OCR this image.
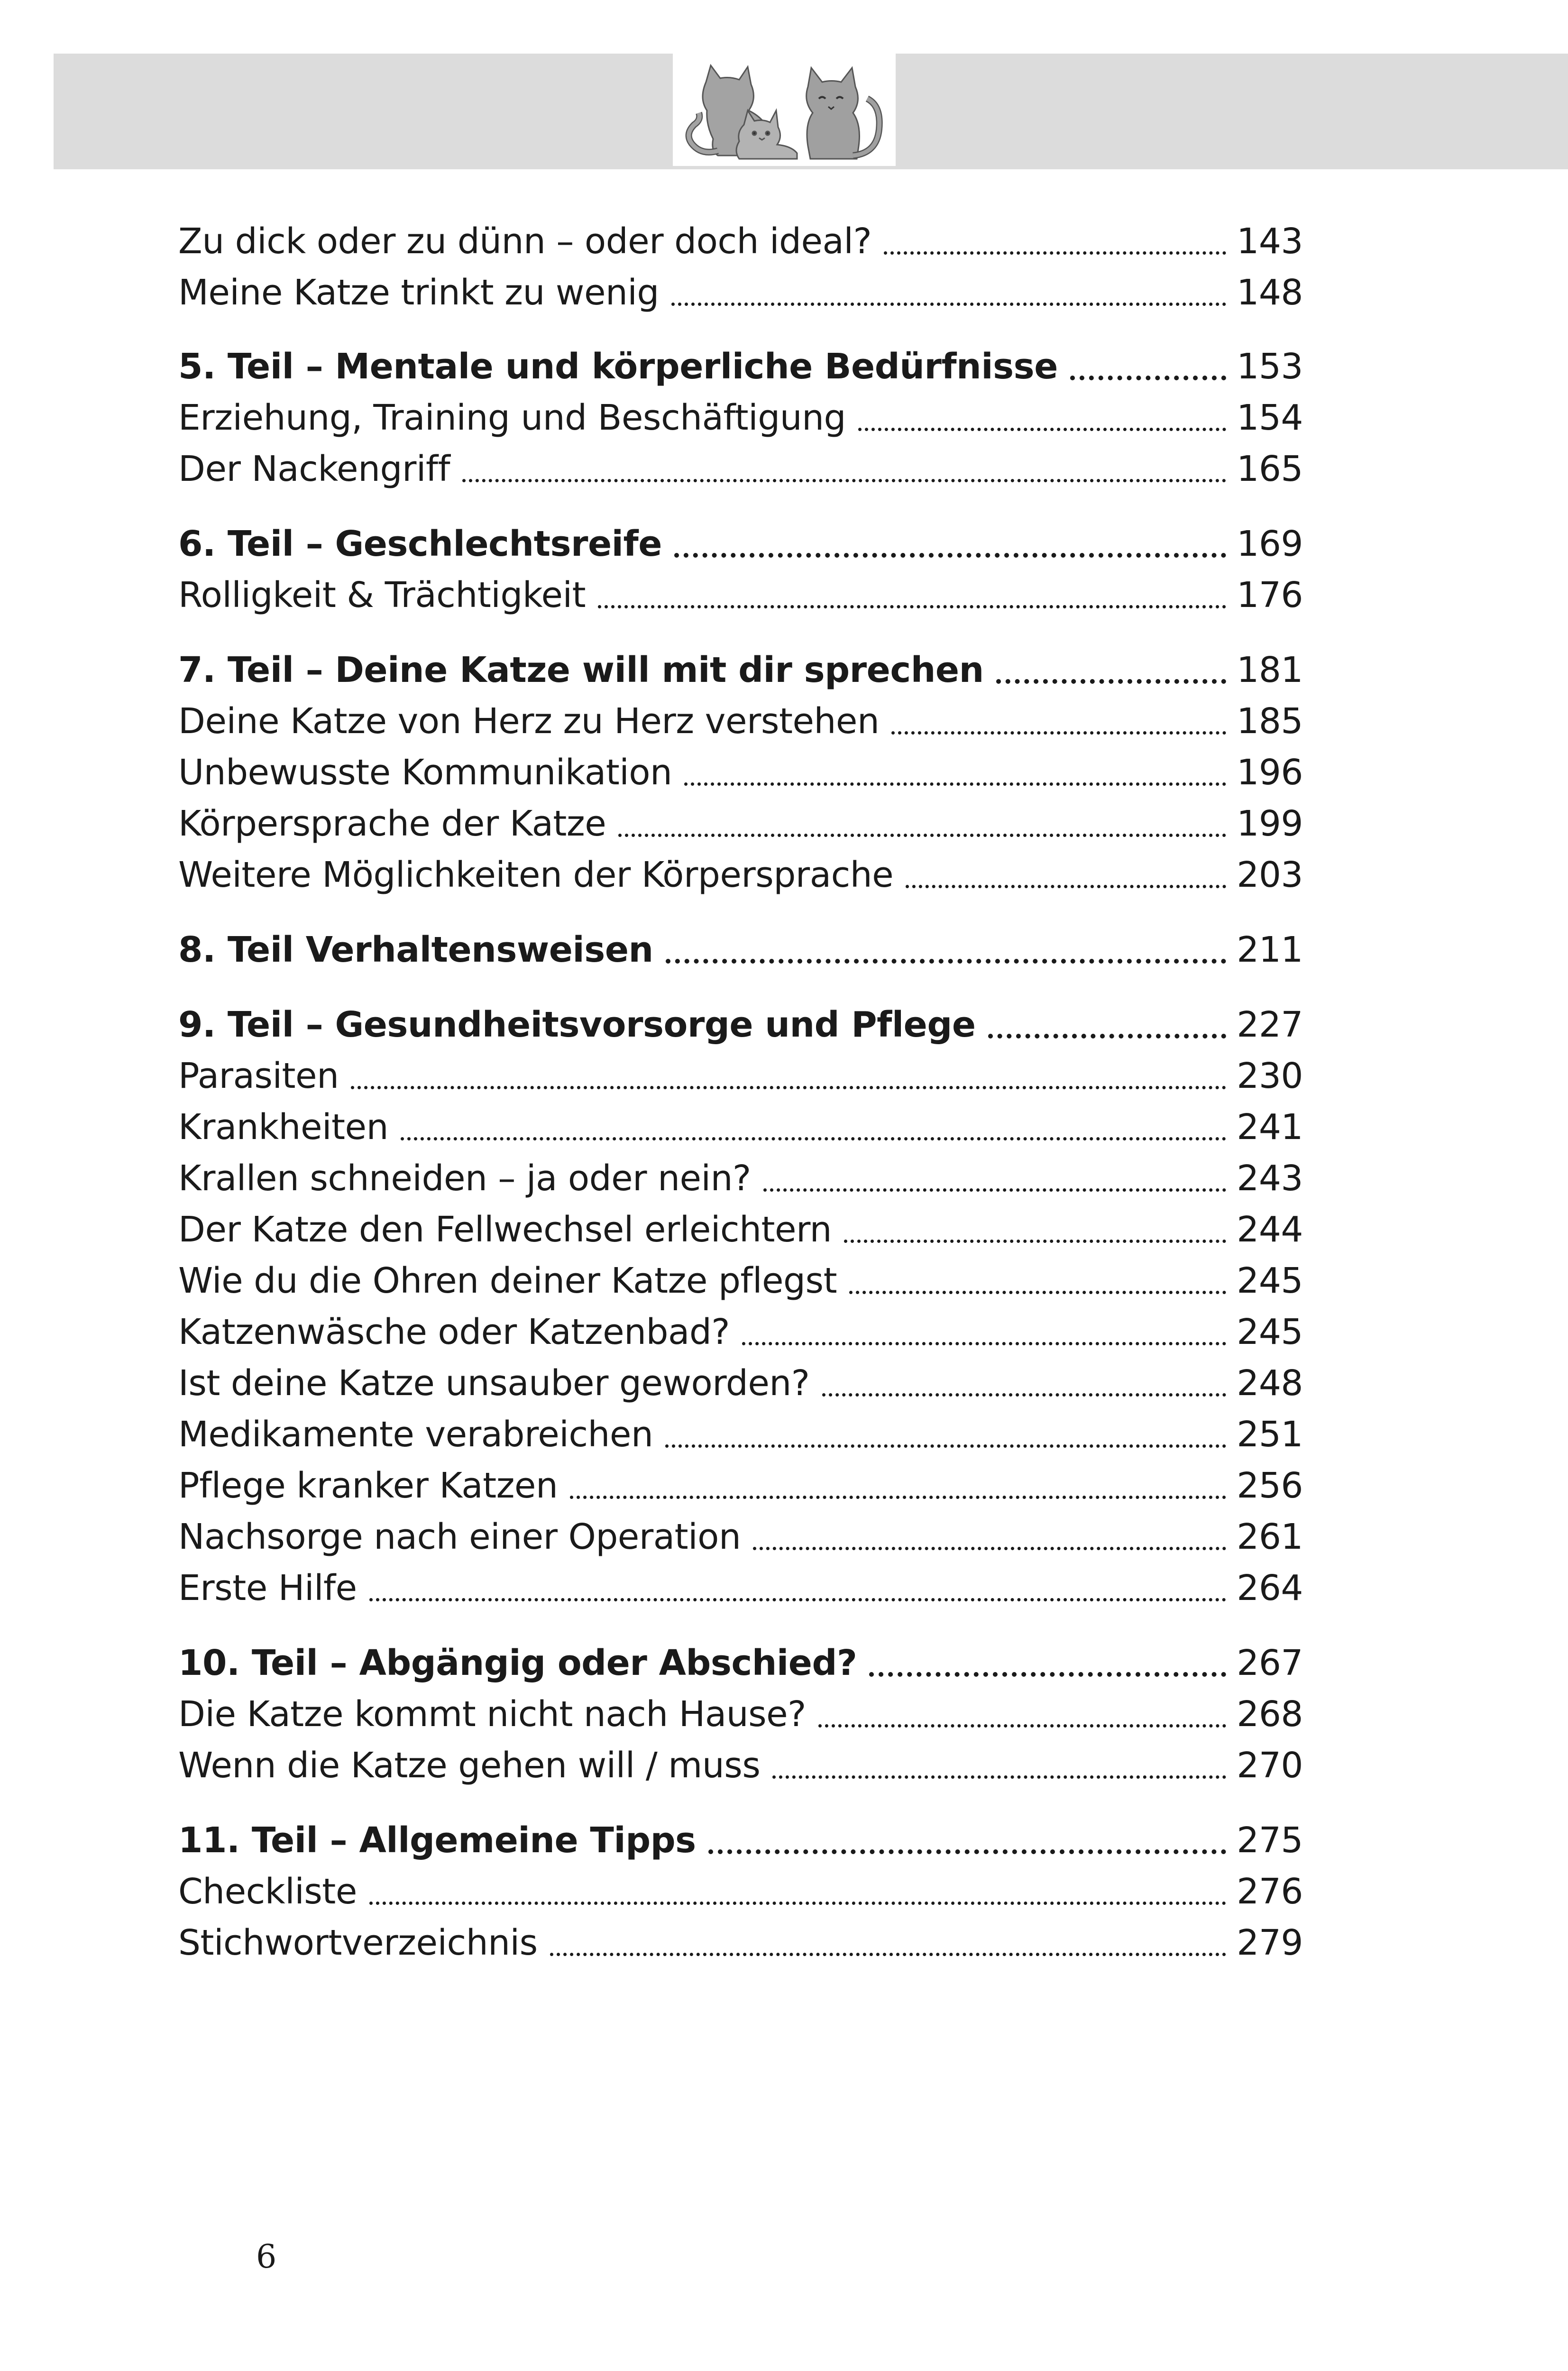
Zu dick oder zu dünn – oder doch ideal?	143
Meine Katze trinkt zu wenig	148
5. Teil – Mentale und körperliche Bedürfnisse	153
Erziehung, Training und Beschäftigung	154
Der Nackengriff	165
6. Teil – Geschlechtsreife	169
Rolligkeit & Trächtigkeit	176
7. Teil – Deine Katze will mit dir sprechen	181
Deine Katze von Herz zu Herz verstehen	185
Unbewusste Kommunikation	196
Körpersprache der Katze	199
Weitere Möglichkeiten der Körpersprache	203
8. Teil Verhaltensweisen	211
9. Teil – Gesundheitsvorsorge und Pflege	227
Parasiten	230
Krankheiten	241
Krallen schneiden – ja oder nein?	243
Der Katze den Fellwechsel erleichtern	244
Wie du die Ohren deiner Katze pflegst	245
Katzenwäsche oder Katzenbad?	245
Ist deine Katze unsauber geworden?	248
Medikamente verabreichen	251
Pflege kranker Katzen	256
Nachsorge nach einer Operation	261
Erste Hilfe	264
10. Teil – Abgängig oder Abschied?	267
Die Katze kommt nicht nach Hause?	268
Wenn die Katze gehen will / muss	270
11. Teil – Allgemeine Tipps	275
Checkliste	276
Stichwortverzeichnis	279
6
